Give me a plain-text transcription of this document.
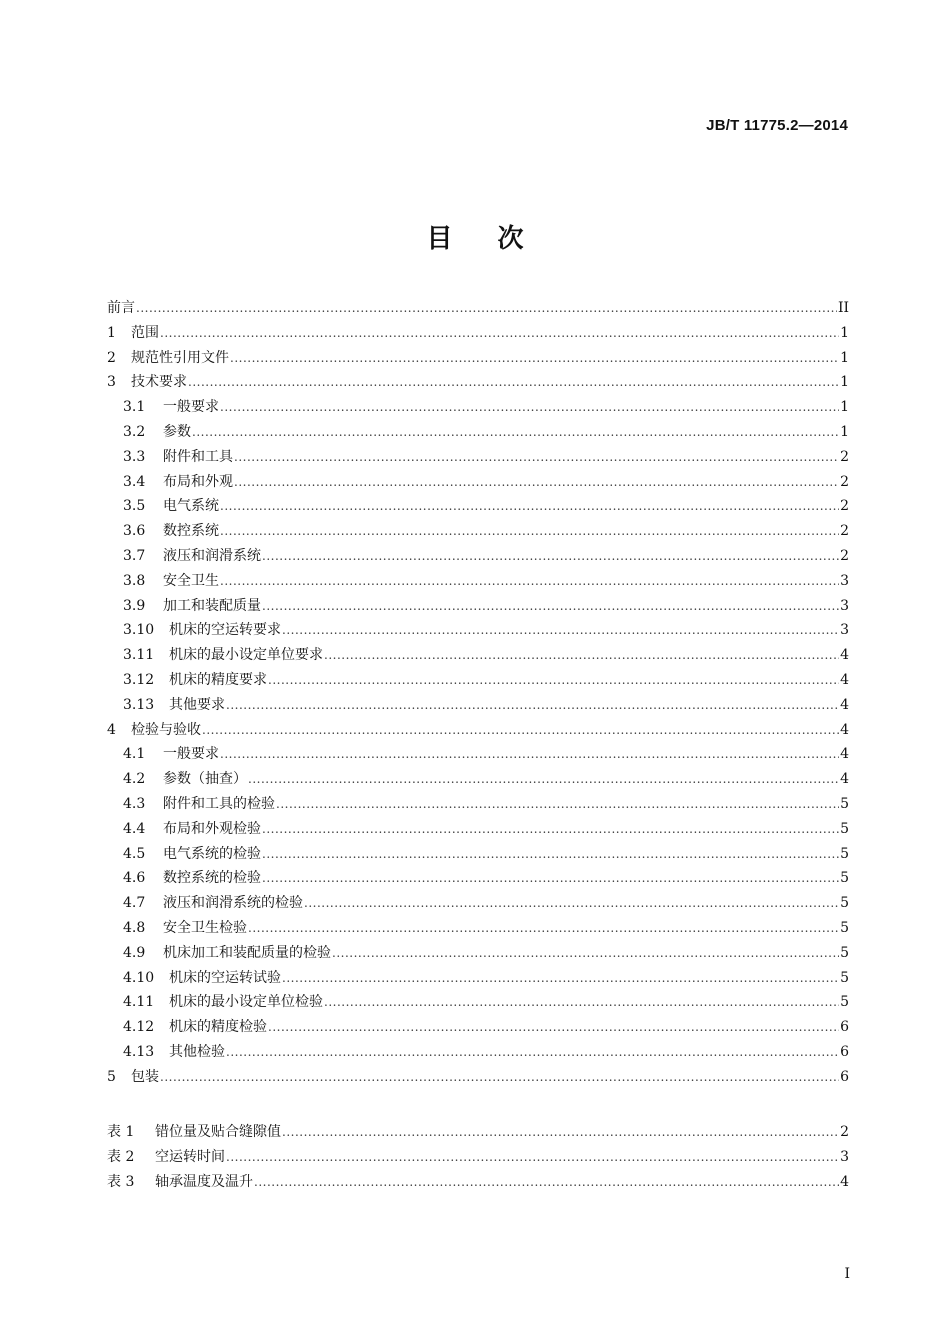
JB/T 11775.2—2014
目 次
前言 .....	II
1	范围 .....	1
2	规范性引用文件 .....	1
3	技术要求 .....	1
3.1	一般要求 .....	1
3.2	参数 .....	1
3.3	附件和工具 .....	2
3.4	布局和外观 .....	2
3.5	电气系统 .....	2
3.6	数控系统 .....	2
3.7	液压和润滑系统 .....	2
3.8	安全卫生 .....	3
3.9	加工和装配质量 .....	3
3.10	机床的空运转要求 .....	3
3.11	机床的最小设定单位要求 .....	4
3.12	机床的精度要求 .....	4
3.13	其他要求 .....	4
4	检验与验收 .....	4
4.1	一般要求 .....	4
4.2	参数（抽查） .....	4
4.3	附件和工具的检验 .....	5
4.4	布局和外观检验 .....	5
4.5	电气系统的检验 .....	5
4.6	数控系统的检验 .....	5
4.7	液压和润滑系统的检验 .....	5
4.8	安全卫生检验 .....	5
4.9	机床加工和装配质量的检验 .....	5
4.10	机床的空运转试验 .....	5
4.11	机床的最小设定单位检验 .....	5
4.12	机床的精度检验 .....	6
4.13	其他检验 .....	6
5	包装 .....	6
表 1	错位量及贴合缝隙值 .....	2
表 2	空运转时间 .....	3
表 3	轴承温度及温升 .....	4
I
